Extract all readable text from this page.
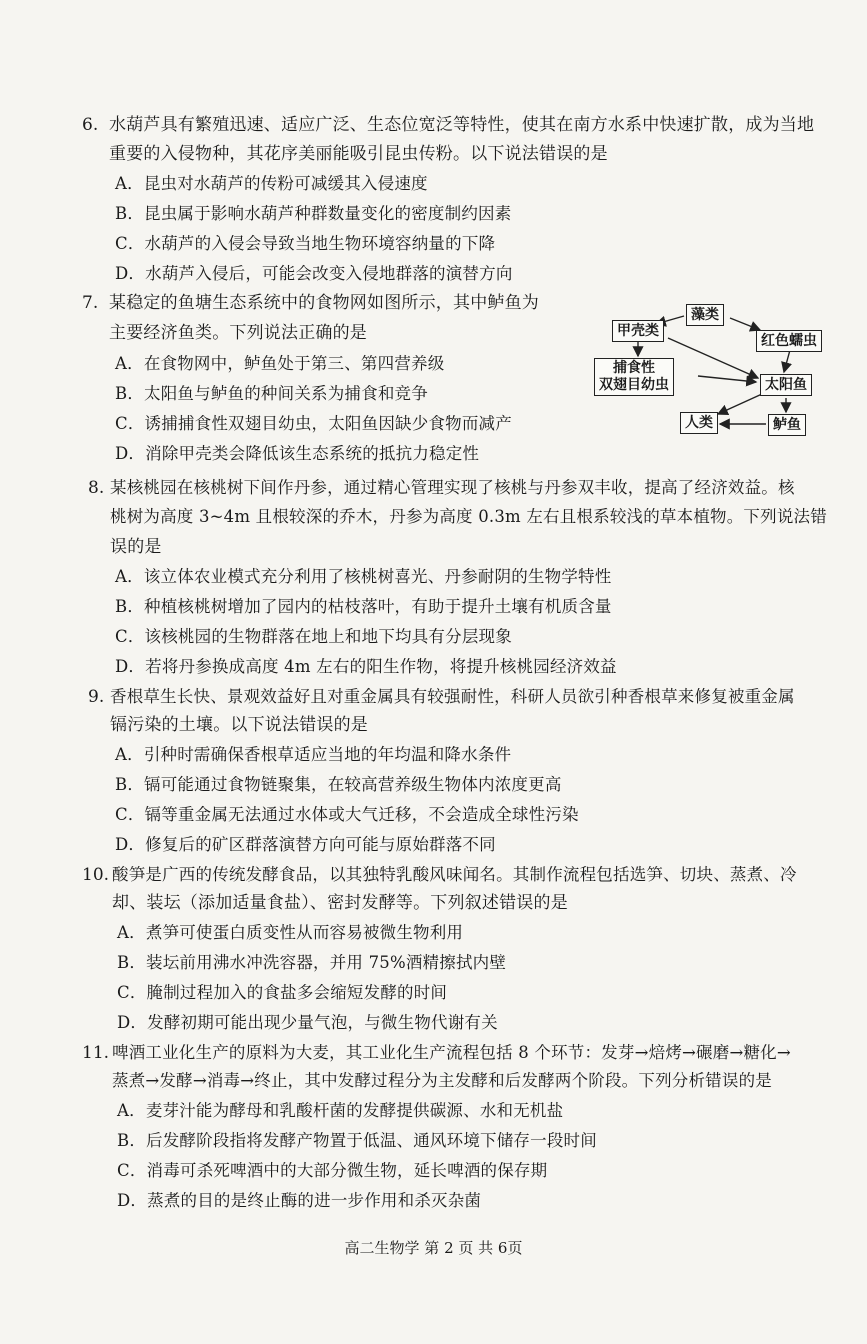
6. 水葫芦具有繁殖迅速、适应广泛、生态位宽泛等特性，使其在南方水系中快速扩散，成为当地
重要的入侵物种，其花序美丽能吸引昆虫传粉。以下说法错误的是
A．昆虫对水葫芦的传粉可减缓其入侵速度
B．昆虫属于影响水葫芦种群数量变化的密度制约因素
C．水葫芦的入侵会导致当地生物环境容纳量的下降
D．水葫芦入侵后，可能会改变入侵地群落的演替方向
7. 某稳定的鱼塘生态系统中的食物网如图所示，其中鲈鱼为
主要经济鱼类。下列说法正确的是
A．在食物网中，鲈鱼处于第三、第四营养级
B．太阳鱼与鲈鱼的种间关系为捕食和竞争
C．诱捕捕食性双翅目幼虫，太阳鱼因缺少食物而减产
D．消除甲壳类会降低该生态系统的抵抗力稳定性
藻类
甲壳类
红色蠕虫
捕食性
双翅目幼虫	太阳鱼
人类	鲈鱼
8. 某核桃园在核桃树下间作丹参，通过精心管理实现了核桃与丹参双丰收，提高了经济效益。核
桃树为高度 3~4m 且根较深的乔木，丹参为高度 0.3m 左右且根系较浅的草本植物。下列说法错
误的是
A．该立体农业模式充分利用了核桃树喜光、丹参耐阴的生物学特性
B．种植核桃树增加了园内的枯枝落叶，有助于提升土壤有机质含量
C．该核桃园的生物群落在地上和地下均具有分层现象
D．若将丹参换成高度 4m 左右的阳生作物，将提升核桃园经济效益
9. 香根草生长快、景观效益好且对重金属具有较强耐性，科研人员欲引种香根草来修复被重金属
镉污染的土壤。以下说法错误的是
A．引种时需确保香根草适应当地的年均温和降水条件
B．镉可能通过食物链聚集，在较高营养级生物体内浓度更高
C．镉等重金属无法通过水体或大气迁移，不会造成全球性污染
D．修复后的矿区群落演替方向可能与原始群落不同
10. 酸笋是广西的传统发酵食品，以其独特乳酸风味闻名。其制作流程包括选笋、切块、蒸煮、冷
却、装坛（添加适量食盐）、密封发酵等。下列叙述错误的是
A．煮笋可使蛋白质变性从而容易被微生物利用
B．装坛前用沸水冲洗容器，并用 75%酒精擦拭内壁
C．腌制过程加入的食盐多会缩短发酵的时间
D．发酵初期可能出现少量气泡，与微生物代谢有关
11. 啤酒工业化生产的原料为大麦，其工业化生产流程包括 8 个环节：发芽→焙烤→碾磨→糖化→
蒸煮→发酵→消毒→终止，其中发酵过程分为主发酵和后发酵两个阶段。下列分析错误的是
A．麦芽汁能为酵母和乳酸杆菌的发酵提供碳源、水和无机盐
B．后发酵阶段指将发酵产物置于低温、通风环境下储存一段时间
C．消毒可杀死啤酒中的大部分微生物，延长啤酒的保存期
D．蒸煮的目的是终止酶的进一步作用和杀灭杂菌
高二生物学 第 2 页 共 6页
